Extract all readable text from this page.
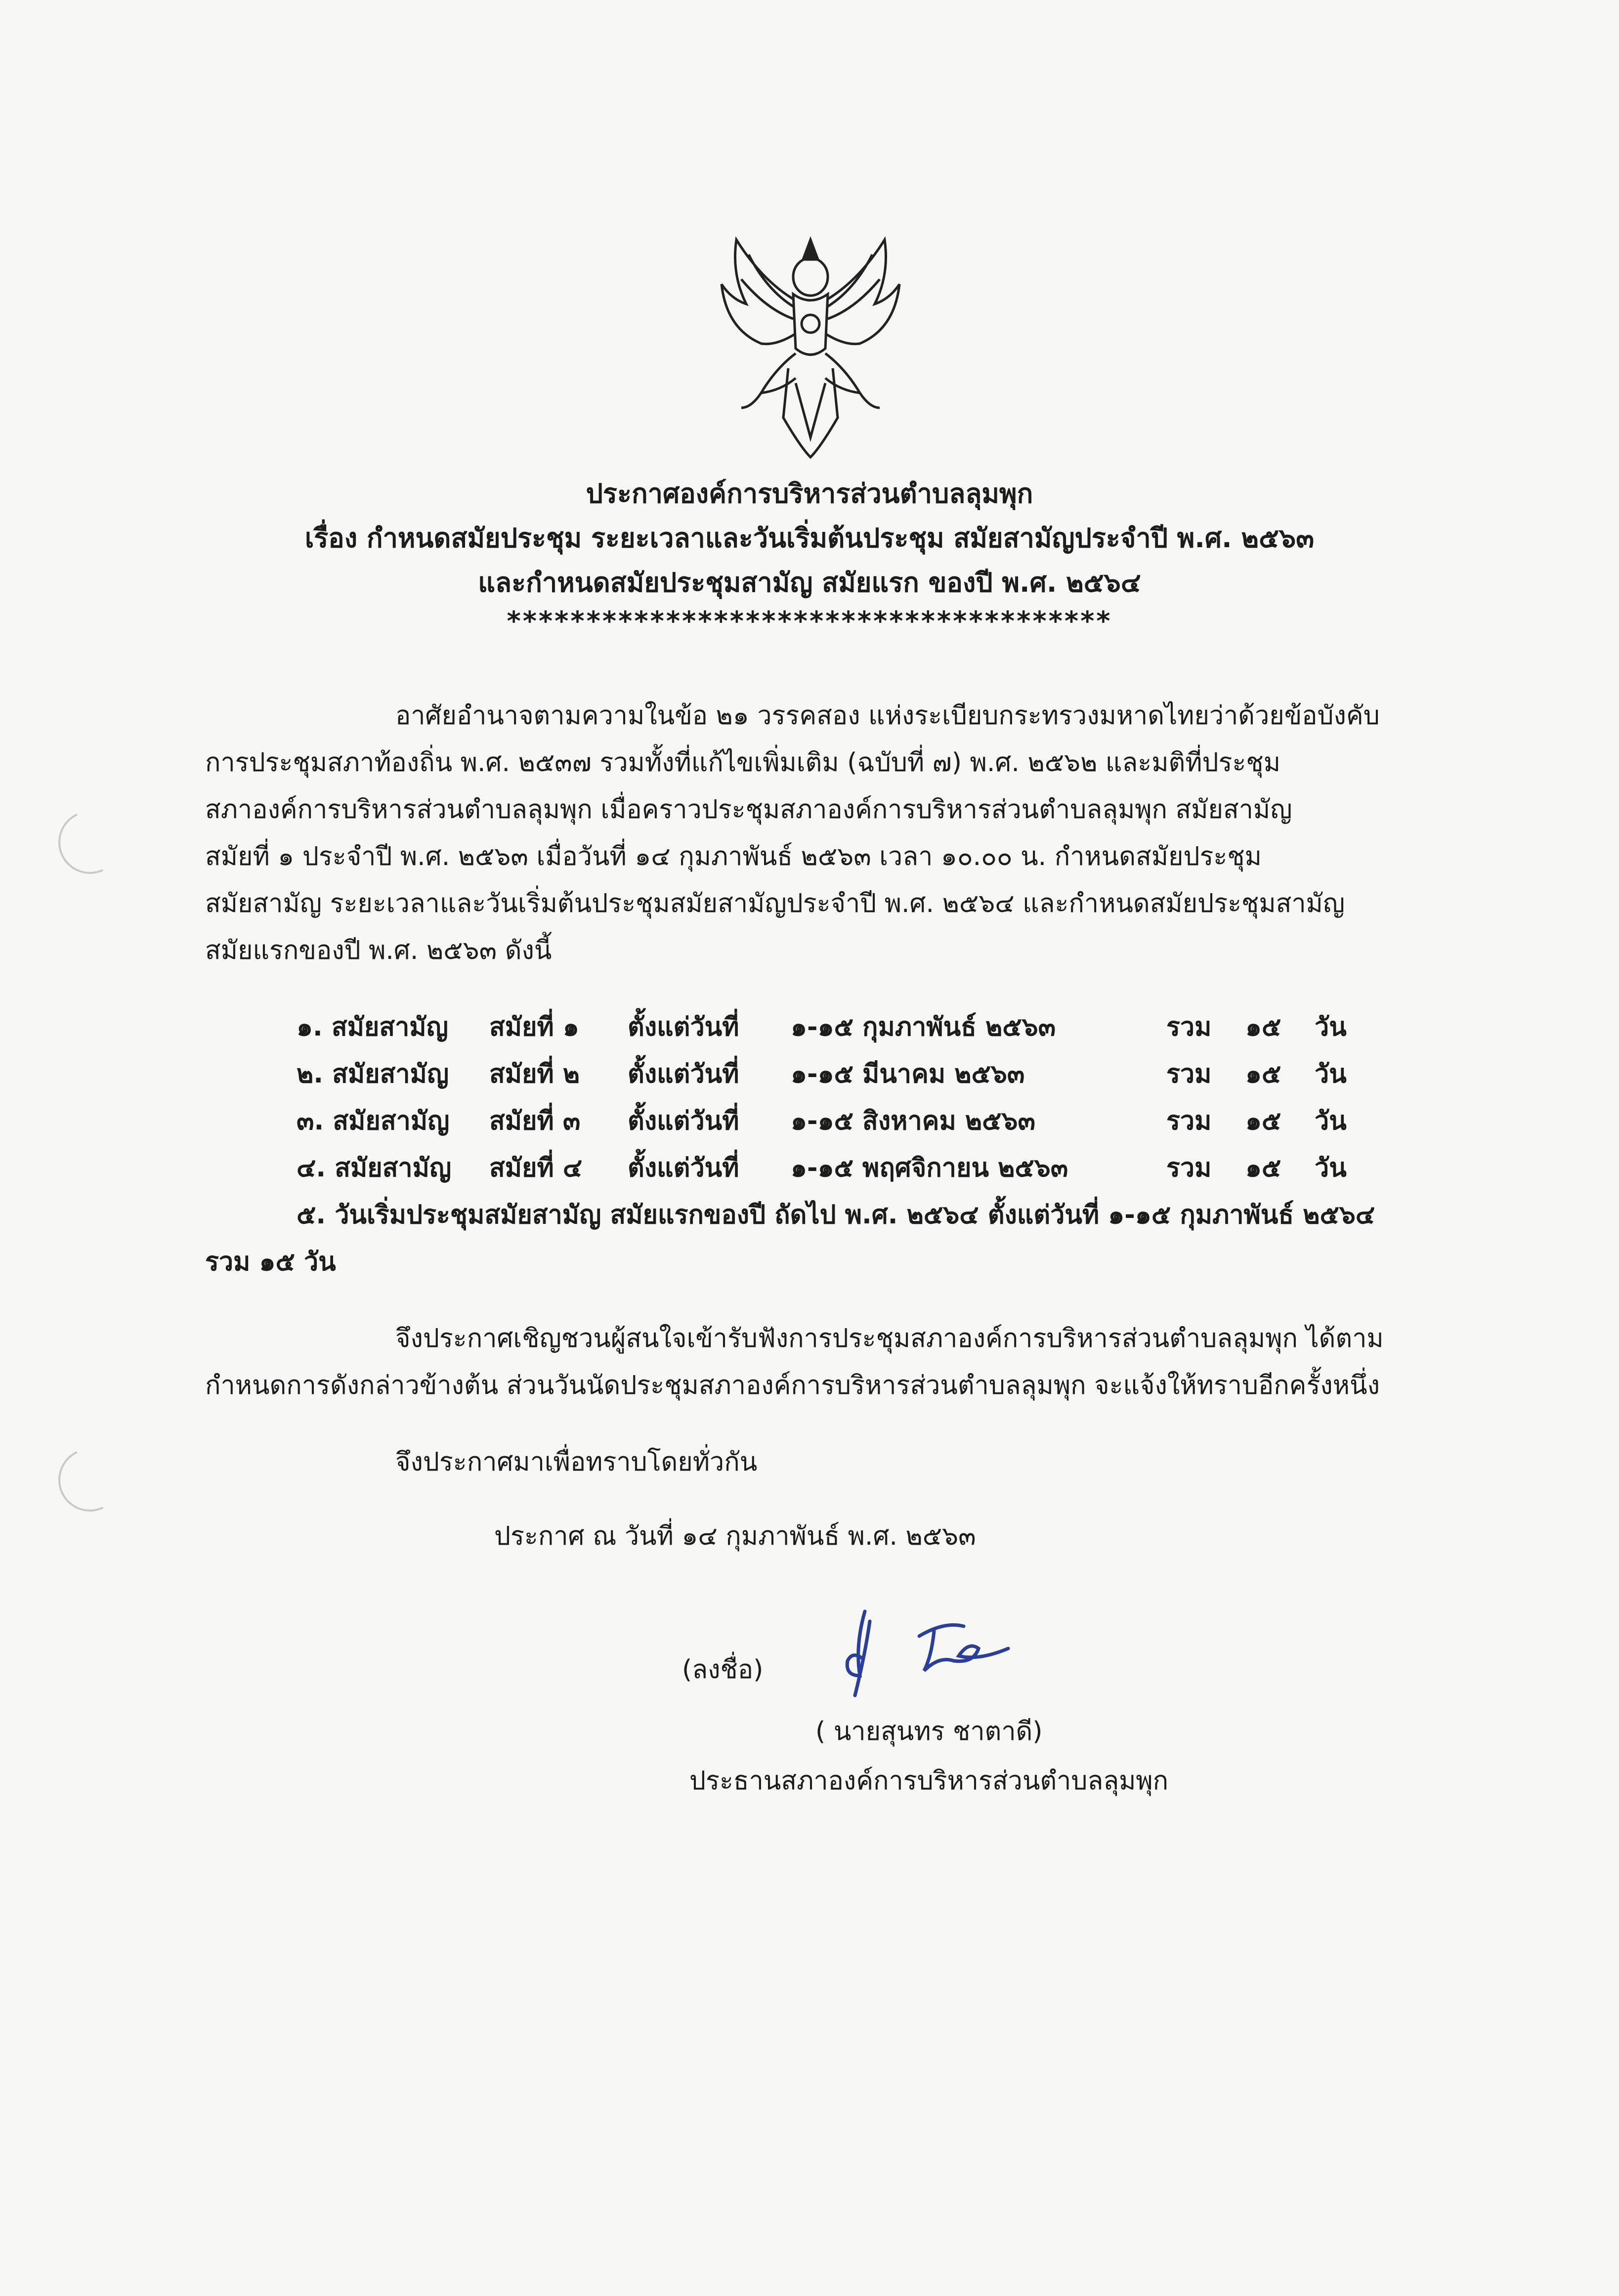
ประกาศองค์การบริหารส่วนตำบลลุมพุก
เรื่อง กำหนดสมัยประชุม ระยะเวลาและวันเริ่มต้นประชุม สมัยสามัญประจำปี พ.ศ. ๒๕๖๓
และกำหนดสมัยประชุมสามัญ สมัยแรก ของปี พ.ศ. ๒๕๖๔
**************************************
อาศัยอำนาจตามความในข้อ ๒๑ วรรคสอง แห่งระเบียบกระทรวงมหาดไทยว่าด้วยข้อบังคับ
การประชุมสภาท้องถิ่น พ.ศ. ๒๕๓๗ รวมทั้งที่แก้ไขเพิ่มเติม (ฉบับที่ ๗) พ.ศ. ๒๕๖๒ และมติที่ประชุม
สภาองค์การบริหารส่วนตำบลลุมพุก เมื่อคราวประชุมสภาองค์การบริหารส่วนตำบลลุมพุก สมัยสามัญ
สมัยที่ ๑ ประจำปี พ.ศ. ๒๕๖๓ เมื่อวันที่ ๑๔ กุมภาพันธ์ ๒๕๖๓ เวลา ๑๐.๐๐ น. กำหนดสมัยประชุม
สมัยสามัญ ระยะเวลาและวันเริ่มต้นประชุมสมัยสามัญประจำปี พ.ศ. ๒๕๖๔ และกำหนดสมัยประชุมสามัญ
สมัยแรกของปี พ.ศ. ๒๕๖๓ ดังนี้
๑. สมัยสามัญ สมัยที่ ๑ ตั้งแต่วันที่ ๑-๑๕ กุมภาพันธ์ ๒๕๖๓	รวม ๑๕ วัน
๒. สมัยสามัญ สมัยที่ ๒ ตั้งแต่วันที่ ๑-๑๕ มีนาคม ๒๕๖๓	รวม ๑๕ วัน
๓. สมัยสามัญ สมัยที่ ๓ ตั้งแต่วันที่ ๑-๑๕ สิงหาคม ๒๕๖๓	รวม ๑๕ วัน
๔. สมัยสามัญ สมัยที่ ๔ ตั้งแต่วันที่ ๑-๑๕ พฤศจิกายน ๒๕๖๓	รวม ๑๕ วัน
๕. วันเริ่มประชุมสมัยสามัญ สมัยแรกของปี ถัดไป พ.ศ. ๒๕๖๔ ตั้งแต่วันที่ ๑-๑๕ กุมภาพันธ์ ๒๕๖๔
รวม ๑๕ วัน
จึงประกาศเชิญชวนผู้สนใจเข้ารับฟังการประชุมสภาองค์การบริหารส่วนตำบลลุมพุก ได้ตาม
กำหนดการดังกล่าวข้างต้น ส่วนวันนัดประชุมสภาองค์การบริหารส่วนตำบลลุมพุก จะแจ้งให้ทราบอีกครั้งหนึ่ง
จึงประกาศมาเพื่อทราบโดยทั่วกัน
ประกาศ ณ วันที่ ๑๔ กุมภาพันธ์ พ.ศ. ๒๕๖๓
(ลงชื่อ)
( นายสุนทร ชาตาดี)
ประธานสภาองค์การบริหารส่วนตำบลลุมพุก
